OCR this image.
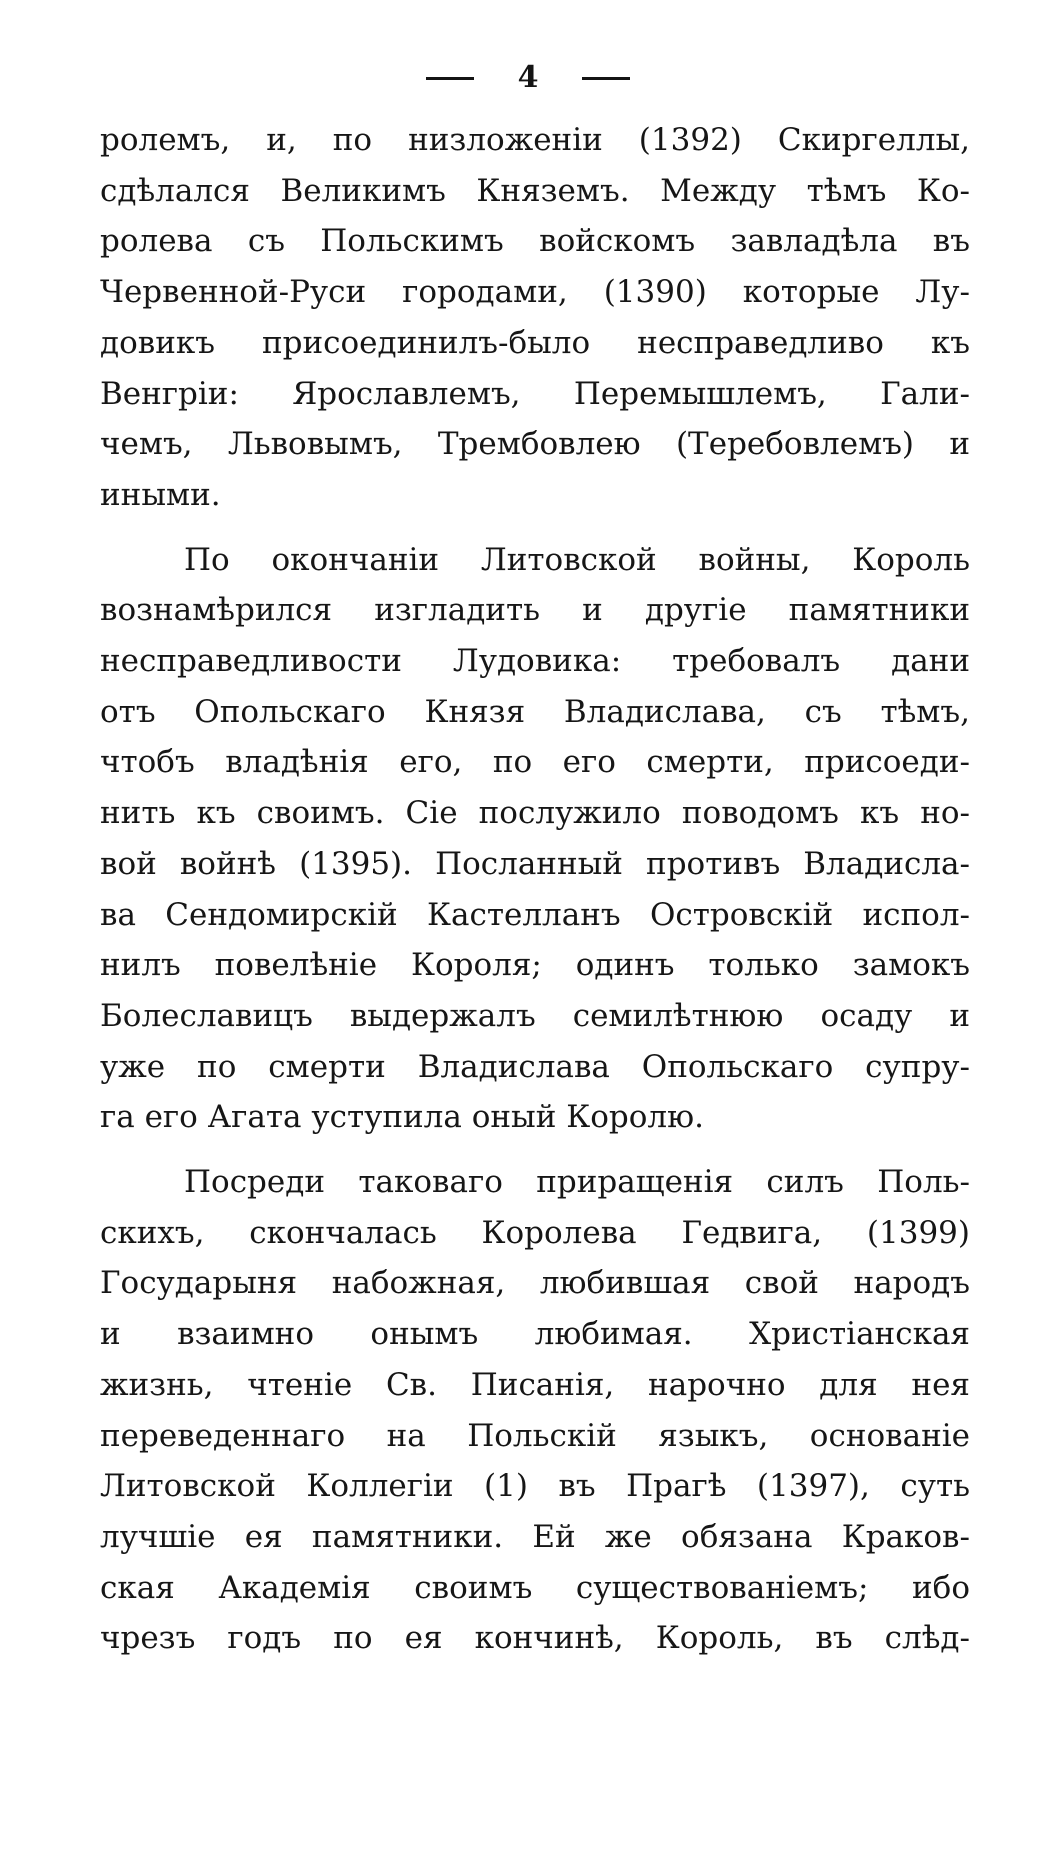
4

ролемъ, и, по низложеніи (1392) Скиргеллы,
сдѣлался Великимъ Княземъ. Между тѣмъ Ко-
ролева съ Польскимъ войскомъ завладѣла въ
Червенной-Руси городами, (1390) которые Лу-
довикъ присоединилъ-было несправедливо къ
Венгріи: Ярославлемъ, Перемышлемъ, Гали-
чемъ, Львовымъ, Трембовлею (Теребовлемъ) и
иными.

По окончаніи Литовской войны, Король
вознамѣрился изгладить и другіе памятники
несправедливости Лудовика: требовалъ дани
отъ Опольскаго Князя Владислава, съ тѣмъ,
чтобъ владѣнія его, по его смерти, присоеди-
нить къ своимъ. Сіе послужило поводомъ къ но-
вой войнѣ (1395). Посланный противъ Владисла-
ва Сендомирскій Кастелланъ Островскій испол-
нилъ повелѣніе Короля; одинъ только замокъ
Болеславицъ выдержалъ семилѣтнюю осаду и
уже по смерти Владислава Опольскаго супру-
га его Агата уступила оный Королю.

Посреди таковаго приращенія силъ Поль-
скихъ, скончалась Королева Гедвига, (1399)
Государыня набожная, любившая свой народъ
и взаимно онымъ любимая. Христіанская
жизнь, чтеніе Св. Писанія, нарочно для нея
переведеннаго на Польскій языкъ, основаніе
Литовской Коллегіи (1) въ Прагѣ (1397), суть
лучшіе ея памятники. Ей же обязана Краков-
ская Академія своимъ существованіемъ; ибо
чрезъ годъ по ея кончинѣ, Король, въ слѣд-
